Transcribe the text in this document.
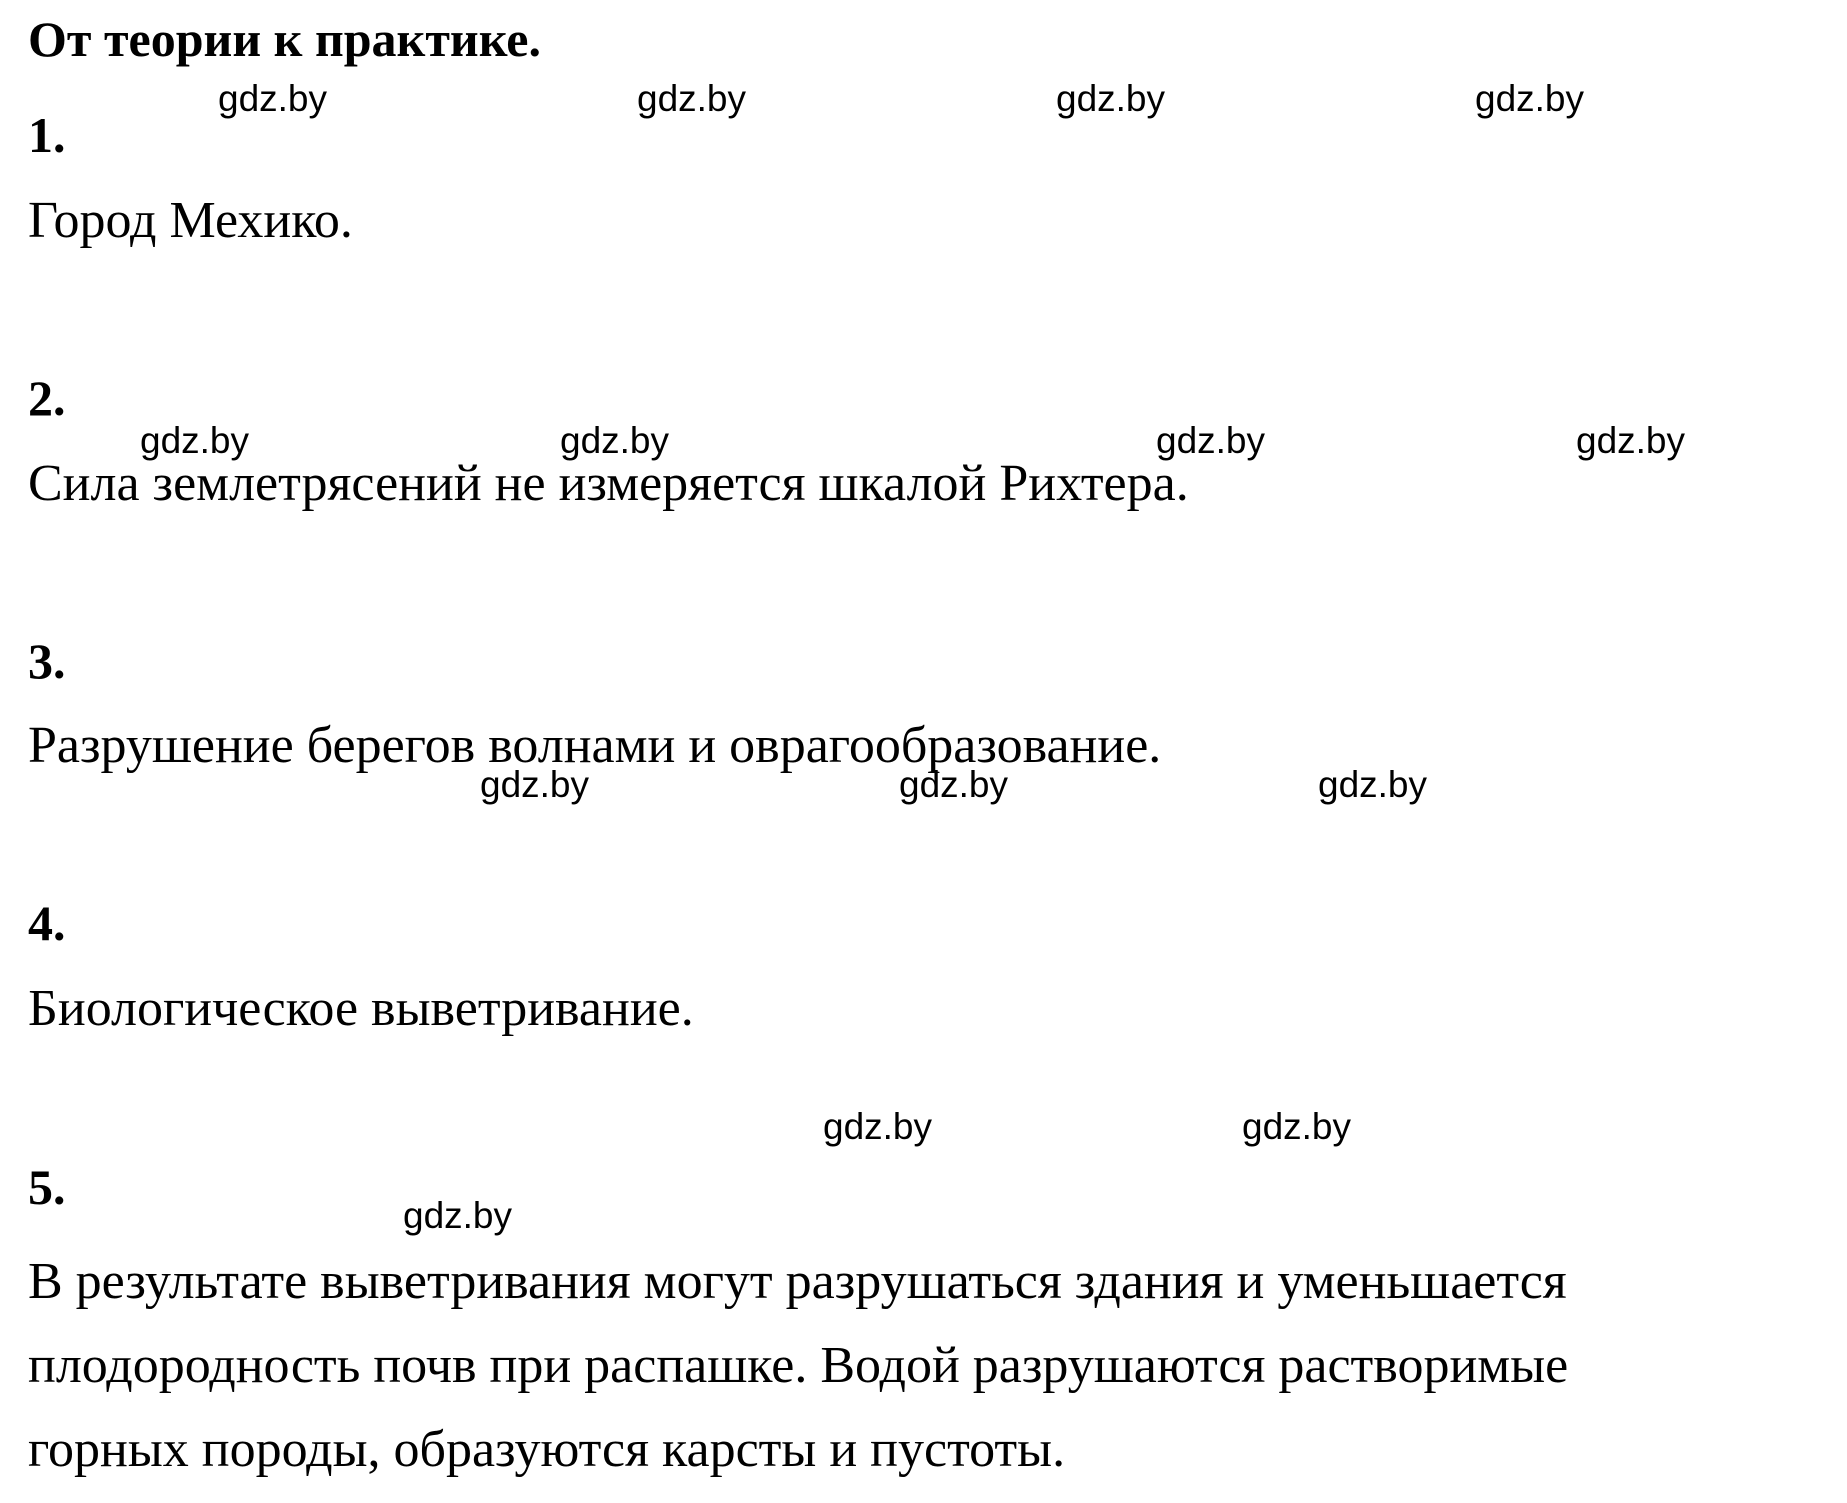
От теории к практике.
1.
Город Мехико.
2.
Сила землетрясений не измеряется шкалой Рихтера.
3.
Разрушение берегов волнами и оврагообразование.
4.
Биологическое выветривание.
5.
В результате выветривания могут разрушаться здания и уменьшается
плодородность почв при распашке. Водой разрушаются растворимые
горных породы, образуются карсты и пустоты.
gdz.by	gdz.by	gdz.by	gdz.by
gdz.by	gdz.by	gdz.by	gdz.by
gdz.by	gdz.by	gdz.by
gdz.by	gdz.by
gdz.by
